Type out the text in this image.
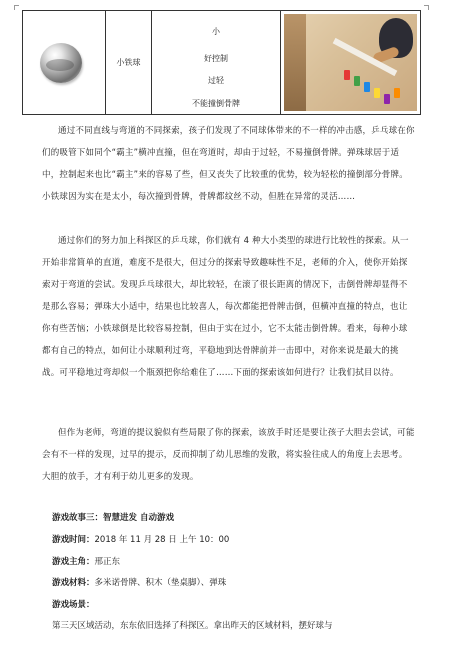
小铁球
小
好控制
过轻
不能撞倒骨牌
通过不同直线与弯道的不同探索，孩子们发现了不同球体带来的不一样的冲击感，乒乓球在你们的吸管下如同个“霸主”横冲直撞，但在弯道时，却由于过轻，不易撞倒骨牌。弹珠球居于适中，控制起来也比“霸主”来的容易了些，但又丧失了比较重的优势，较为轻松的撞倒部分骨牌。小铁球因为实在是太小，每次撞到骨牌，骨牌都纹丝不动，但胜在异常的灵活……
通过你们的努力加上科探区的乒乓球，你们就有 4 种大小类型的球进行比较性的探索。从一开始非常简单的直道，难度不是很大，但过分的探索导致趣味性不足，老师的介入，使你开始探索对于弯道的尝试。发现乒乓球很大，却比较轻，在滚了很长距离的情况下，击倒骨牌却显得不是那么容易；弹珠大小适中，结果也比较喜人，每次都能把骨牌击倒，但横冲直撞的特点，也让你有些苦恼；小铁球倒是比较容易控制，但由于实在过小，它不太能击倒骨牌。看来，每种小球都有自己的特点，如何让小球顺利过弯，平稳地到达骨牌前并一击即中，对你来说是最大的挑战。可平稳地过弯却似一个瓶颈把你给难住了……下面的探索该如何进行？让我们拭目以待。
但作为老师，弯道的提议貌似有些局限了你的探索，该放手时还是要让孩子大胆去尝试，可能会有不一样的发现，过早的提示，反而抑制了幼儿思维的发散，将实验往成人的角度上去思考。大胆的放手，才有利于幼儿更多的发现。
游戏故事三：智慧进发 自动游戏
游戏时间：2018 年 11 月 28 日 上午 10：00
游戏主角：邢正东
游戏材料：多米诺骨牌、积木（垫桌脚）、弹珠
游戏场景：
第三天区域活动，东东依旧选择了科探区。拿出昨天的区域材料，摆好球与
